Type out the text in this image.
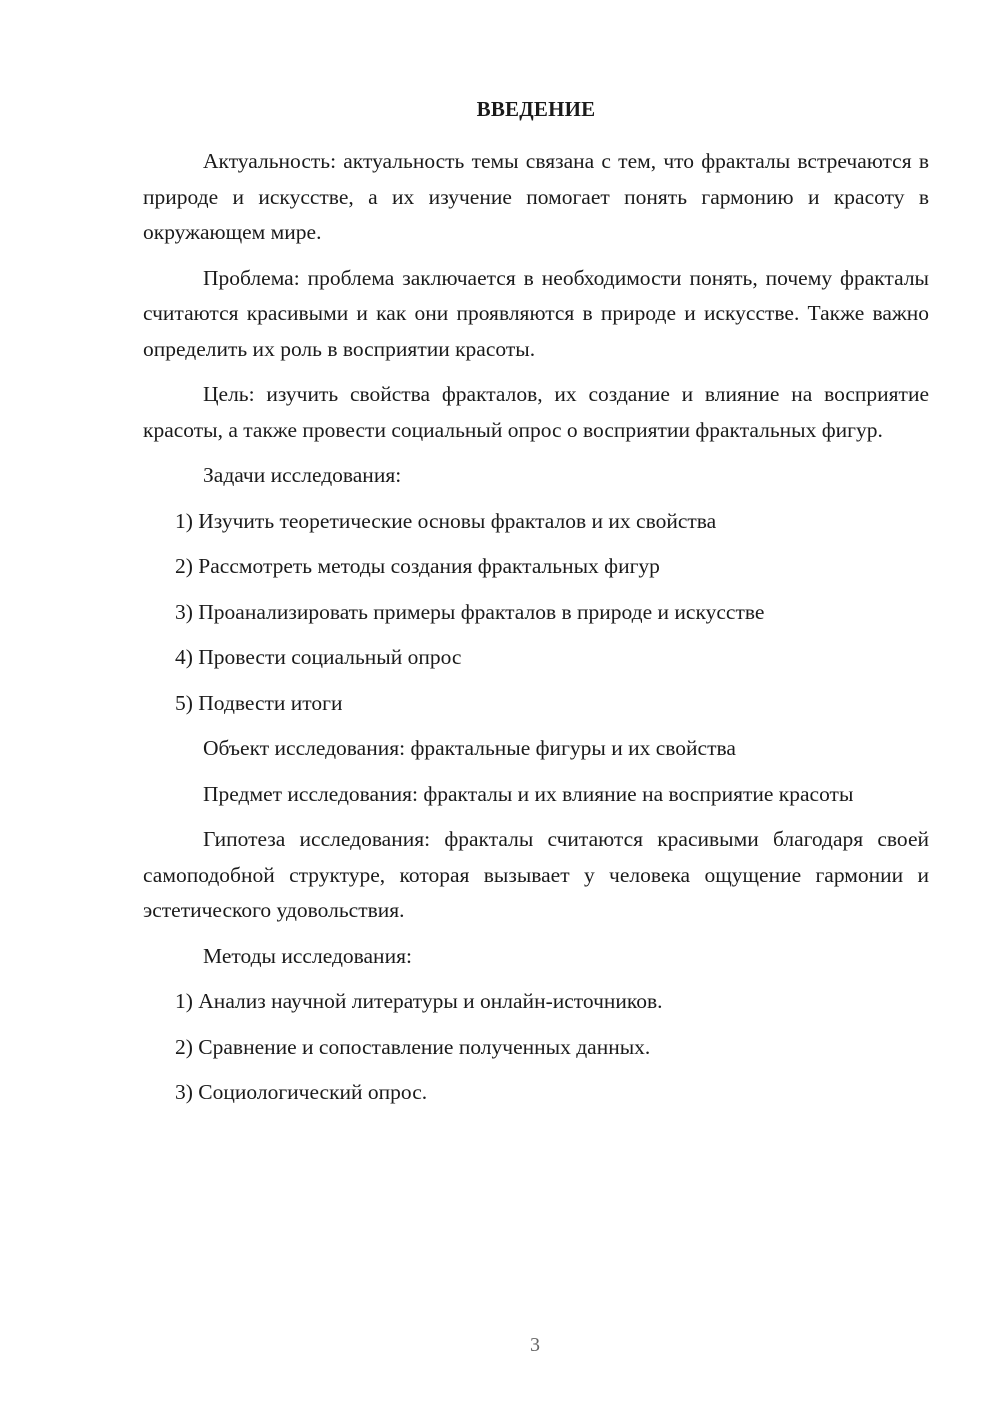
ВВЕДЕНИЕ

Актуальность: актуальность темы связана с тем, что фракталы встречаются в природе и искусстве, а их изучение помогает понять гармонию и красоту в окружающем мире.

Проблема: проблема заключается в необходимости понять, почему фракталы считаются красивыми и как они проявляются в природе и искусстве. Также важно определить их роль в восприятии красоты.

Цель: изучить свойства фракталов, их создание и влияние на восприятие красоты, а также провести социальный опрос о восприятии фрактальных фигур.

Задачи исследования:

1) Изучить теоретические основы фракталов и их свойства

2) Рассмотреть методы создания фрактальных фигур

3) Проанализировать примеры фракталов в природе и искусстве

4) Провести социальный опрос

5) Подвести итоги

Объект исследования: фрактальные фигуры и их свойства

Предмет исследования: фракталы и их влияние на восприятие красоты

Гипотеза исследования: фракталы считаются красивыми благодаря своей самоподобной структуре, которая вызывает у человека ощущение гармонии и эстетического удовольствия.

Методы исследования:

1) Анализ научной литературы и онлайн-источников.

2) Сравнение и сопоставление полученных данных.

3) Социологический опрос.

3
